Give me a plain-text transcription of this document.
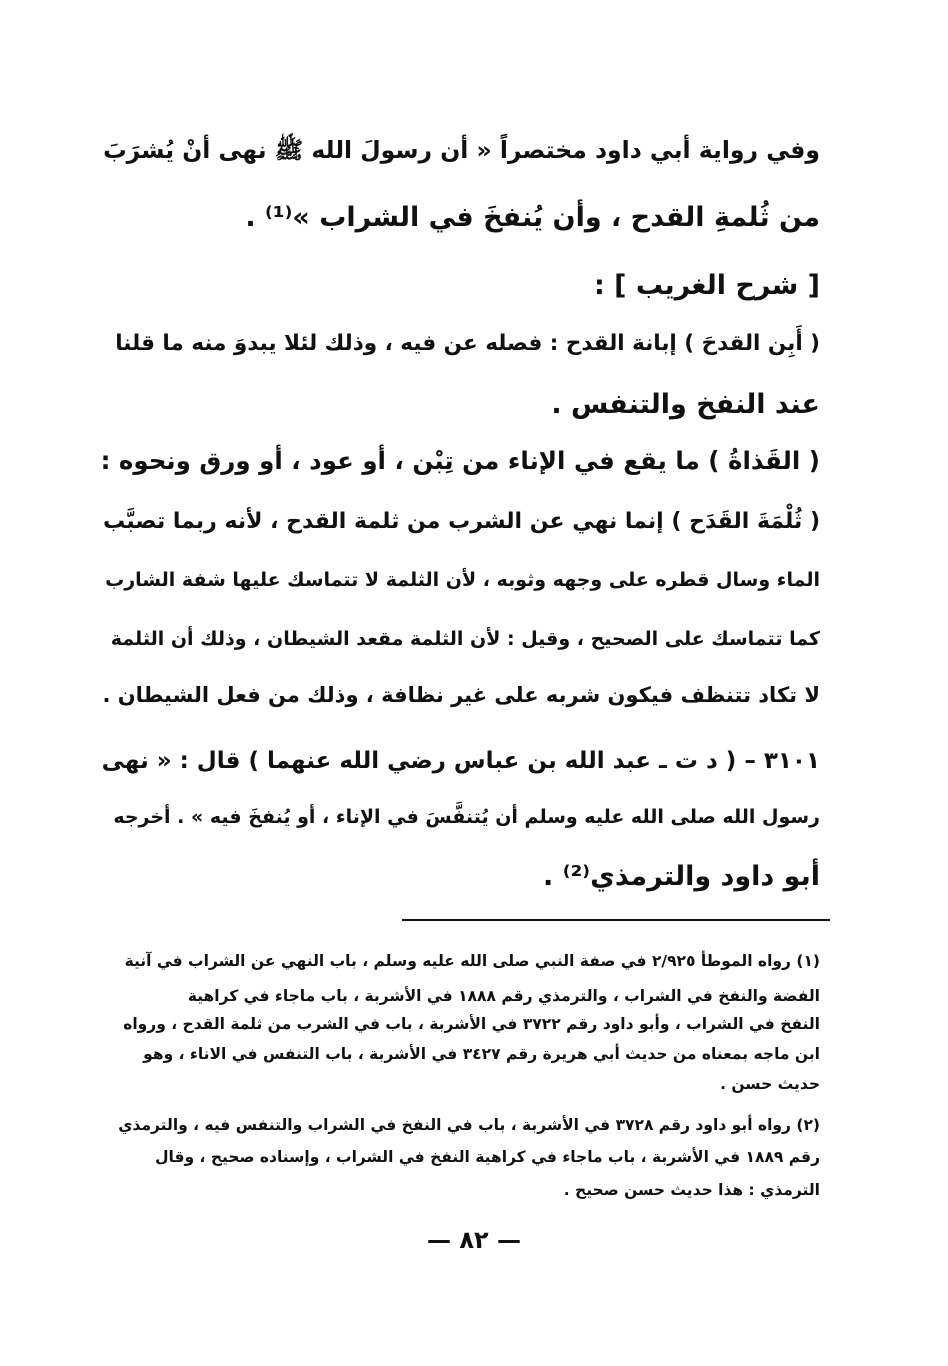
وفي رواية أبي داود مختصراً « أن رسولَ الله ﷺ نهى أنْ يُشرَبَ
من ثُلمةِ القدح ، وأن يُنفخَ في الشراب »⁽¹⁾ .
[ شرح الغريب ] :
( أَبِن القدحَ ) إبانة القدح : فصله عن فيه ، وذلك لئلا يبدوَ منه ما قلنا
عند النفخ والتنفس .
( القَذاةُ ) ما يقع في الإناء من تِبْن ، أو عود ، أو ورق ونحوه :
( ثُلْمَةَ القَدَح ) إنما نهي عن الشرب من ثلمة القدح ، لأنه ربما تصبَّب
الماء وسال قطره على وجهه وثوبه ، لأن الثلمة لا تتماسك عليها شفة الشارب
كما تتماسك على الصحيح ، وقيل : لأن الثلمة مقعد الشيطان ، وذلك أن الثلمة
لا تكاد تتنظف فيكون شربه على غير نظافة ، وذلك من فعل الشيطان .
٣١٠١ – ( د ت ـ عبد الله بن عباس رضي الله عنهما ) قال : « نهى
رسول الله صلى الله عليه وسلم أن يُتنفَّسَ في الإناء ، أو يُنفخَ فيه » . أخرجه
أبو داود والترمذي⁽²⁾ .
(١) رواه الموطأ ٢/٩٢٥ في صفة النبي صلى الله عليه وسلم ، باب النهي عن الشراب في آنية
الفضة والنفخ في الشراب ، والترمذي رقم ١٨٨٨ في الأشربة ، باب ماجاء في كراهية
النفخ في الشراب ، وأبو داود رقم ٣٧٢٢ في الأشربة ، باب في الشرب من ثلمة القدح ، ورواه
ابن ماجه بمعناه من حديث أبي هريرة رقم ٣٤٢٧ في الأشربة ، باب التنفس في الاناء ، وهو
حديث حسن .
(٢) رواه أبو داود رقم ٣٧٢٨ في الأشربة ، باب في النفخ في الشراب والتنفس فيه ، والترمذي
رقم ١٨٨٩ في الأشربة ، باب ماجاء في كراهية النفخ في الشراب ، وإسناده صحيح ، وقال
الترمذي : هذا حديث حسن صحيح .
— ٨٢ —
